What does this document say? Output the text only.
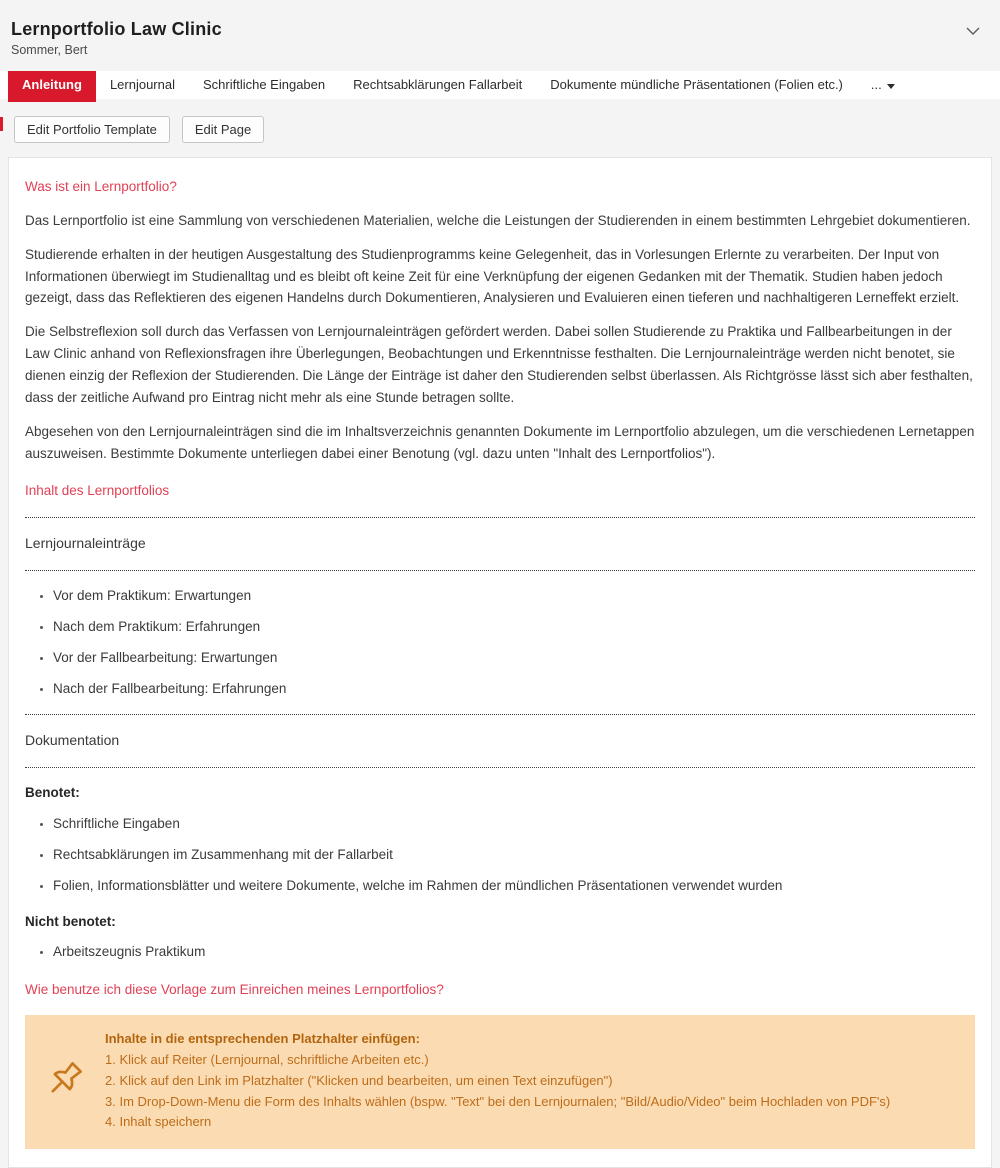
Lernportfolio Law Clinic
Sommer, Bert
Anleitung	Lernjournal	Schriftliche Eingaben	Rechtsabklärungen Fallarbeit	Dokumente mündliche Präsentationen (Folien etc.)	...
Edit Portfolio Template	Edit Page
Was ist ein Lernportfolio?

Das Lernportfolio ist eine Sammlung von verschiedenen Materialien, welche die Leistungen der Studierenden in einem bestimmten Lehrgebiet dokumentieren.

Studierende erhalten in der heutigen Ausgestaltung des Studienprogramms keine Gelegenheit, das in Vorlesungen Erlernte zu verarbeiten. Der Input von Informationen überwiegt im Studienalltag und es bleibt oft keine Zeit für eine Verknüpfung der eigenen Gedanken mit der Thematik. Studien haben jedoch gezeigt, dass das Reflektieren des eigenen Handelns durch Dokumentieren, Analysieren und Evaluieren einen tieferen und nachhaltigeren Lerneffekt erzielt.

Die Selbstreflexion soll durch das Verfassen von Lernjournaleinträgen gefördert werden. Dabei sollen Studierende zu Praktika und Fallbearbeitungen in der Law Clinic anhand von Reflexionsfragen ihre Überlegungen, Beobachtungen und Erkenntnisse festhalten. Die Lernjournaleinträge werden nicht benotet, sie dienen einzig der Reflexion der Studierenden. Die Länge der Einträge ist daher den Studierenden selbst überlassen. Als Richtgrösse lässt sich aber festhalten, dass der zeitliche Aufwand pro Eintrag nicht mehr als eine Stunde betragen sollte.

Abgesehen von den Lernjournaleinträgen sind die im Inhaltsverzeichnis genannten Dokumente im Lernportfolio abzulegen, um die verschiedenen Lernetappen auszuweisen. Bestimmte Dokumente unterliegen dabei einer Benotung (vgl. dazu unten "Inhalt des Lernportfolios").

Inhalt des Lernportfolios
Lernjournaleinträge
• Vor dem Praktikum: Erwartungen
• Nach dem Praktikum: Erfahrungen
• Vor der Fallbearbeitung: Erwartungen
• Nach der Fallbearbeitung: Erfahrungen
Dokumentation
Benotet:
• Schriftliche Eingaben
• Rechtsabklärungen im Zusammenhang mit der Fallarbeit
• Folien, Informationsblätter und weitere Dokumente, welche im Rahmen der mündlichen Präsentationen verwendet wurden
Nicht benotet:
• Arbeitszeugnis Praktikum
Wie benutze ich diese Vorlage zum Einreichen meines Lernportfolios?
Inhalte in die entsprechenden Platzhalter einfügen:
1. Klick auf Reiter (Lernjournal, schriftliche Arbeiten etc.)
2. Klick auf den Link im Platzhalter ("Klicken und bearbeiten, um einen Text einzufügen")
3. Im Drop-Down-Menu die Form des Inhalts wählen (bspw. "Text" bei den Lernjournalen; "Bild/Audio/Video" beim Hochladen von PDF's)
4. Inhalt speichern
